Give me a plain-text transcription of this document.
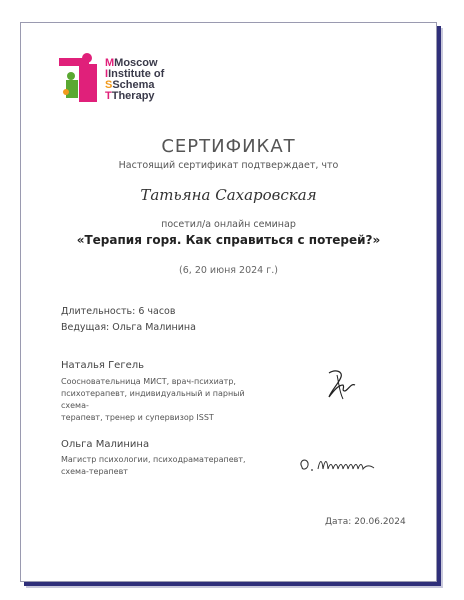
MMoscow
IInstitute of
SSchema
TTherapy
СЕРТИФИКАТ
Настоящий сертификат подтверждает, что
Татьяна Сахаровская
посетил/а онлайн семинар
«Терапия горя. Как справиться с потерей?»
(6, 20 июня 2024 г.)
Длительность: 6 часов
Ведущая: Ольга Малинина
Наталья Гегель
Соосновательница МИСТ, врач-психиатр,
психотерапевт, индивидуальный и парный схема-
терапевт, тренер и супервизор ISST
Ольга Малинина
Магистр психологии, психодраматерапевт,
схема-терапевт
Дата: 20.06.2024
